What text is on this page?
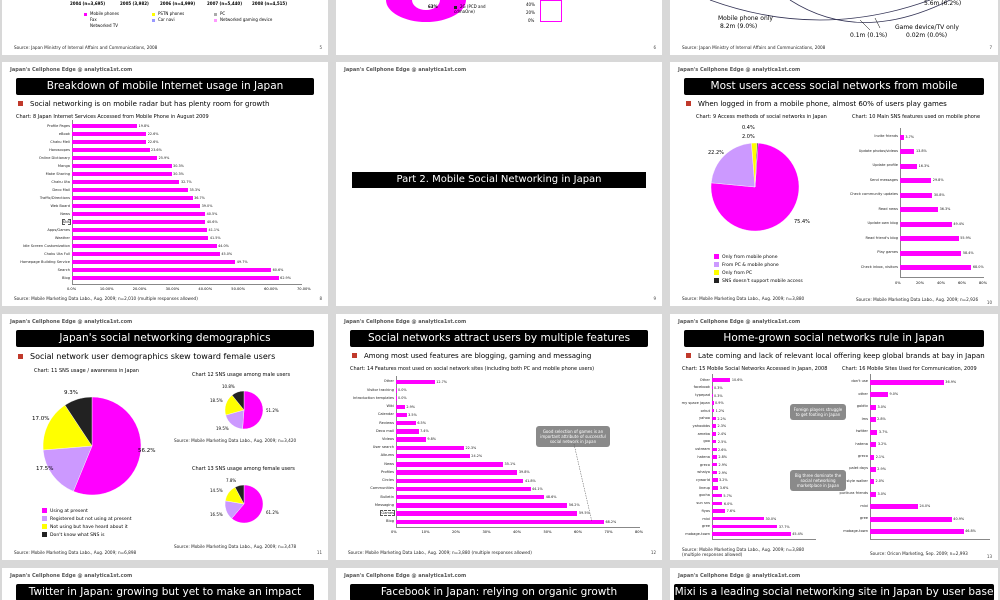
2004 (n=3,695)	2005 (3,982)	2006 (n=4,999)	2007 (n=5,440) 2008 (n=4,515)
Mobile phones
Fax
Networked TV
PSTN phones
Car navi
PC
Networked gaming device
Source: Japan Ministry of Internal Affairs and Communications, 2008	5
63%	2G (PCD and cdmaOne)
40%
20%
0%
6
5.6m (6.2%)
Mobile phone only
8.2m (9.0%)	Game device/TV only
0.1m (0.1%)	0.02m (0.0%)
Source: Japan Ministry of Internal Affairs and Communications, 2008	7
Japan's Cellphone Edge @ analytica1st.com
Breakdown of mobile Internet usage in Japan
Social networking is on mobile radar but has plenty room for growth
Chart: 8 Japan Internet Services Accessed from Mobile Phone in August 2009
Profile Pages	19.8%
eBook	22.6%
Chaku Meli	22.6%
Horoscopes	23.6%
Online Dictionary	25.9%
Manga	30.3%
Make Sharing	30.3%
Chaku Uta	32.7%
Deco Mail	35.3%
Traffic/Directions	36.7%
Web Board	39.0%
News	40.5%
SNS	40.6%
Apps/Games	41.1%
Weather	41.5%
Idle Screen Customization	44.0%
Chaku Uta Full	45.0%
Homepage Building Service	49.7%
Search	60.6%
Blog	62.9%
0.0%	10.00%	20.00%	30.00%	40.00%	50.00%	60.00%	70.00%
Source: Mobile Marketing Data Labo., Aug. 2009; n=2,010 (multiple responses allowed)	8
Japan's Cellphone Edge @ analytica1st.com
Part 2. Mobile Social Networking in Japan
9
Japan's Cellphone Edge @ analytica1st.com
Most users access social networks from mobile
When logged in from a mobile phone, almost 60% of users play games
Chart: 9 Access methods of social networks in Japan	Chart: 10 Main SNS features used on mobile phone
0.4%
2.0%
22.2%
75.4%
Only from mobile phone
From PC & mobile phone
Only from PC
SNS doesn't support mobile access
Invite friends 3.7%
Update photos/videos	13.8%
Update profile	16.3%
Send messages	29.8%
Check community updates	30.8%
Read news	36.3%
Update own blog	49.4%
Read friend's blog	55.9%
Play games	58.4%
Check inbox, visitors	68.0%
0%	20%	40%	60%	80%
Source: Mobile Marketing Data Labo., Aug. 2009; n=3,880	Source: Mobile Marketing Data Labo., Aug. 2009; n=2,926
10
Japan's Cellphone Edge @ analytica1st.com
Japan's social networking demographics
Social network user demographics skew toward female users
Chart: 11 SNS usage / awareness in Japan
Chart 12 SNS usage among male users
Chart 13 SNS usage among female users
9.3%
17.0%
17.5%
56.2%
10.8%
18.5%
19.5%
51.2%
Source: Mobile Marketing Data Labo., Aug. 2009; n=3,420
7.8%
14.5%
16.5%	61.2%
Source: Mobile Marketing Data Labo., Aug. 2009; n=3,478
Using at present
Registered but not using at present
Not using but have heard about it
Don't know what SNS is
Source: Mobile Marketing Data Labo., Aug. 2009; n=6,898	11
Japan's Cellphone Edge @ analytica1st.com
Social networks attract users by multiple features
Among most used features are blogging, gaming and messaging
Chart: 14 Features most used on social network sites (including both PC and mobile phone users)
Other	12.7%
Visitor tracking 0.0%
Introduction templates 0.0%
Wiki	2.9%
Calendar	3.5%
Reviews	6.5%
Deco mail	7.4%
Videos	9.8%
User search	22.3%
Albums	24.2%
News	35.1%
Profiles	39.8%
Circles	41.8%
Communities	44.1%
Bulletin	48.6%
Messaging	56.2%
Games	59.5%
Blog	68.2%
0%	10%	20%	30%	40%	50%	60%	70%	80%
Good selection of games is an important attribute of successful social network in Japan
Source: Mobile Marketing Data Labo., Aug. 2009; n=3,880 (multiple responses allowed)	12
Japan's Cellphone Edge @ analytica1st.com
Home-grown social networks rule in Japan
Late coming and lack of relevant local offering keep global brands at bay in Japan
Chart: 15 Mobile Social Networks Accessed in Japan, 2008	Chart: 16 Mobile Sites Used for Communication, 2009
Other	10.6%
facebook 0.3%
typepad 0.3%
my space japan 0.9%
orkut 1.2%
yahoo 2.2%
yahoobbs 2.3%
ameba 2.4%
goo 2.5%
ustream 2.6%
hatena 2.8%
greco	2.9%
whaiyo	2.9%
cyworld	3.2%
lineup	3.6%
gocha	5.7%
sun sns	6.0%
fiyas	7.6%
mixi	30.0%
gree	37.7%
mobage-town	45.4%
don't use	36.9%
other	9.0%
goldtv	3.0%
lms	2.8%
twitter	3.7%
hatena	3.2%
greco 2.1%
palet days	2.9%
style walker 2.0%
purikura friends	3.0%
mixi	24.0%
gree	40.9%
mobage-town	46.8%
Foreign players struggle to get footing in Japan
Big three dominate the social networking marketplace in Japan
Source: Mobile Marketing Data Labo., Aug. 2009; n=3,880 (multiple responses allowed)	Source: Oricon Marketing, Sep. 2009; n=2,993
13
Japan's Cellphone Edge @ analytica1st.com
Twitter in Japan: growing but yet to make an impact
Japan's Cellphone Edge @ analytica1st.com
Facebook in Japan: relying on organic growth
Japan's Cellphone Edge @ analytica1st.com
Mixi is a leading social networking site in Japan by user base
